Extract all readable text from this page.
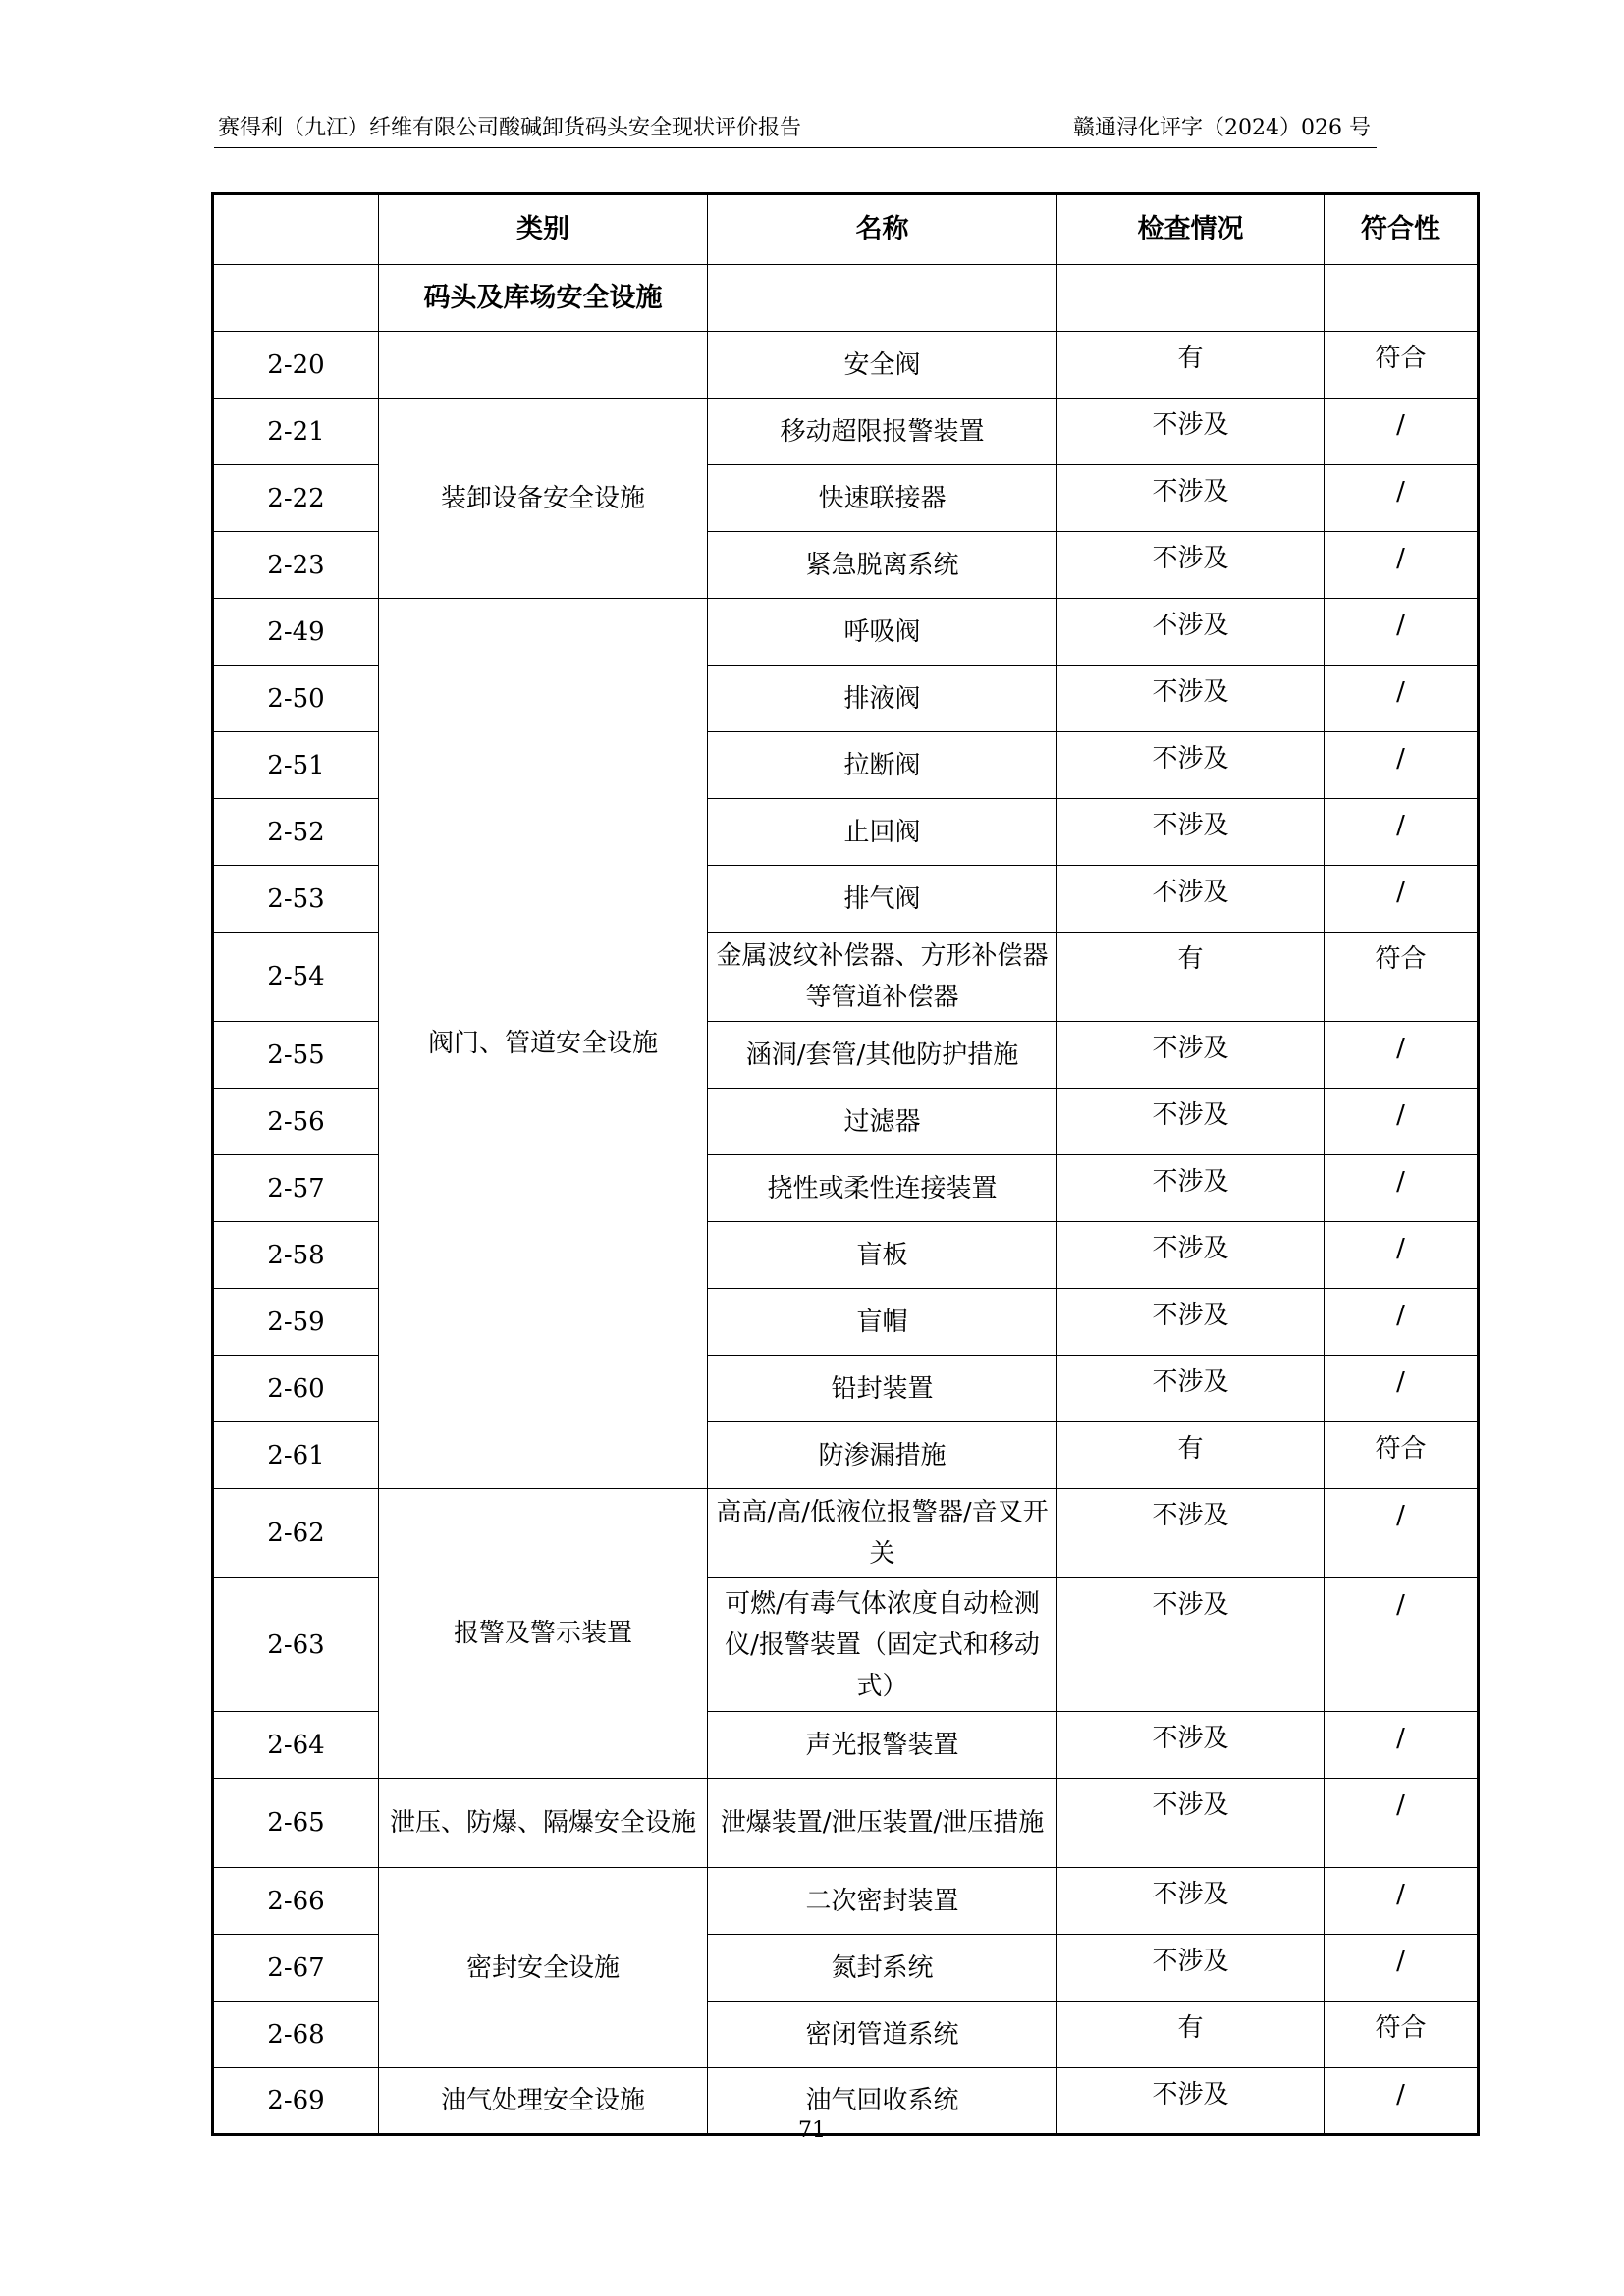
赛得利（九江）纤维有限公司酸碱卸货码头安全现状评价报告	赣通浔化评字（2024）026 号
	类别	名称	检查情况	符合性
	码头及库场安全设施			
2-20		安全阀	有	符合
2-21	装卸设备安全设施	移动超限报警装置	不涉及	/
2-22		快速联接器	不涉及	/
2-23		紧急脱离系统	不涉及	/
2-49	阀门、管道安全设施	呼吸阀	不涉及	/
2-50		排液阀	不涉及	/
2-51		拉断阀	不涉及	/
2-52		止回阀	不涉及	/
2-53		排气阀	不涉及	/
2-54		金属波纹补偿器、方形补偿器等管道补偿器	有	符合
2-55		涵洞/套管/其他防护措施	不涉及	/
2-56		过滤器	不涉及	/
2-57		挠性或柔性连接装置	不涉及	/
2-58		盲板	不涉及	/
2-59		盲帽	不涉及	/
2-60		铅封装置	不涉及	/
2-61		防渗漏措施	有	符合
2-62	报警及警示装置	高高/高/低液位报警器/音叉开关	不涉及	/
2-63		可燃/有毒气体浓度自动检测仪/报警装置（固定式和移动式）	不涉及	/
2-64		声光报警装置	不涉及	/
2-65	泄压、防爆、隔爆安全设施	泄爆装置/泄压装置/泄压措施	不涉及	/
2-66	密封安全设施	二次密封装置	不涉及	/
2-67		氮封系统	不涉及	/
2-68		密闭管道系统	有	符合
2-69	油气处理安全设施	油气回收系统	不涉及	/
71
